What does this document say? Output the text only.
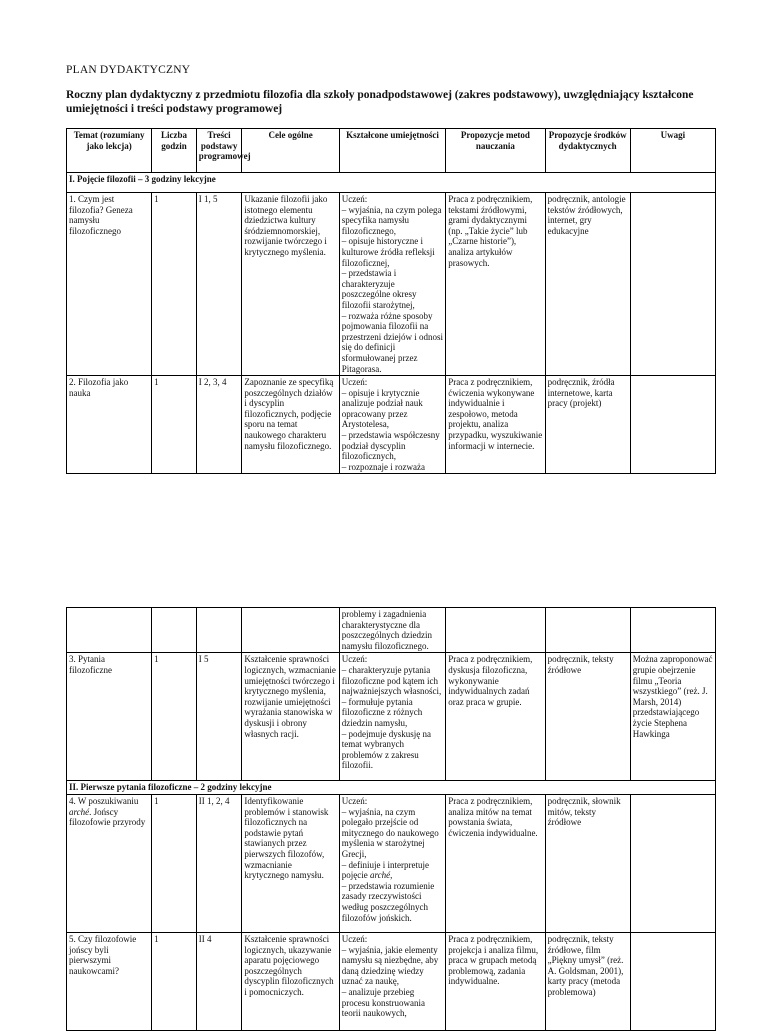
PLAN DYDAKTYCZNY
Roczny plan dydaktyczny z przedmiotu filozofia dla szkoły ponadpodstawowej (zakres podstawowy), uwzględniający kształcone umiejętności i treści podstawy programowej
Temat (rozumiany jako lekcja)	Liczba godzin	Treści podstawy programowej	Cele ogólne	Kształcone umiejętności	Propozycje metod nauczania	Propozycje środków dydaktycznych	Uwagi
I. Pojęcie filozofii – 3 godziny lekcyjne							
1. Czym jest filozofia? Geneza namysłu filozoficznego	1	I 1, 5	Ukazanie filozofii jako istotnego elementu dziedzictwa kultury śródziemnomorskiej, rozwijanie twórczego i krytycznego myślenia.	Uczeń:
– wyjaśnia, na czym polega specyfika namysłu filozoficznego,
– opisuje historyczne i kulturowe źródła refleksji filozoficznej,
– przedstawia i charakteryzuje poszczególne okresy filozofii starożytnej,
– rozważa różne sposoby pojmowania filozofii na przestrzeni dziejów i odnosi się do definicji sformułowanej przez Pitagorasa.	Praca z podręcznikiem, tekstami źródłowymi, grami dydaktycznymi (np. „Takie życie” lub „Czarne historie”), analiza artykułów prasowych.	podręcznik, antologie tekstów źródłowych, internet, gry edukacyjne	
2. Filozofia jako nauka	1	I 2, 3, 4	Zapoznanie ze specyfiką poszczególnych działów i dyscyplin filozoficznych, podjęcie sporu na temat naukowego charakteru namysłu filozoficznego.	Uczeń:
– opisuje i krytycznie analizuje podział nauk opracowany przez Arystotelesa,
– przedstawia współczesny podział dyscyplin filozoficznych,
– rozpoznaje i rozważa	Praca z podręcznikiem, ćwiczenia wykonywane indywidualnie i zespołowo, metoda projektu, analiza przypadku, wyszukiwanie informacji w internecie.	podręcznik, źródła internetowe, karta pracy (projekt)	
				problemy i zagadnienia charakterystyczne dla poszczególnych dziedzin namysłu filozoficznego.			
3. Pytania filozoficzne	1	I 5	Kształcenie sprawności logicznych, wzmacnianie umiejętności twórczego i krytycznego myślenia, rozwijanie umiejętności wyrażania stanowiska w dyskusji i obrony własnych racji.	Uczeń:
– charakteryzuje pytania filozoficzne pod kątem ich najważniejszych własności,
– formułuje pytania filozoficzne z różnych dziedzin namysłu,
– podejmuje dyskusję na temat wybranych problemów z zakresu filozofii.	Praca z podręcznikiem, dyskusja filozoficzna, wykonywanie indywidualnych zadań oraz praca w grupie.	podręcznik, teksty źródłowe	Można zaproponować grupie obejrzenie filmu „Teoria wszystkiego” (reż. J. Marsh, 2014) przedstawiającego życie Stephena Hawkinga
II. Pierwsze pytania filozoficzne – 2 godziny lekcyjne							
4. W poszukiwaniu arché. Jońscy filozofowie przyrody	1	II 1, 2, 4	Identyfikowanie problemów i stanowisk filozoficznych na podstawie pytań stawianych przez pierwszych filozofów, wzmacnianie krytycznego namysłu.	Uczeń:
– wyjaśnia, na czym polegało przejście od mitycznego do naukowego myślenia w starożytnej Grecji,
– definiuje i interpretuje pojęcie arché,
– przedstawia rozumienie zasady rzeczywistości według poszczególnych filozofów jońskich.	Praca z podręcznikiem, analiza mitów na temat powstania świata, ćwiczenia indywidualne.	podręcznik, słownik mitów, teksty źródłowe	
5. Czy filozofowie jońscy byli pierwszymi naukowcami?	1	II 4	Kształcenie sprawności logicznych, ukazywanie aparatu pojęciowego poszczególnych dyscyplin filozoficznych i pomocniczych.	Uczeń:
– wyjaśnia, jakie elementy namysłu są niezbędne, aby daną dziedzinę wiedzy uznać za naukę,
– analizuje przebieg procesu konstruowania teorii naukowych,	Praca z podręcznikiem, projekcja i analiza filmu, praca w grupach metodą problemową, zadania indywidualne.	podręcznik, teksty źródłowe, film „Piękny umysł” (reż. A. Goldsman, 2001), karty pracy (metoda problemowa)	
